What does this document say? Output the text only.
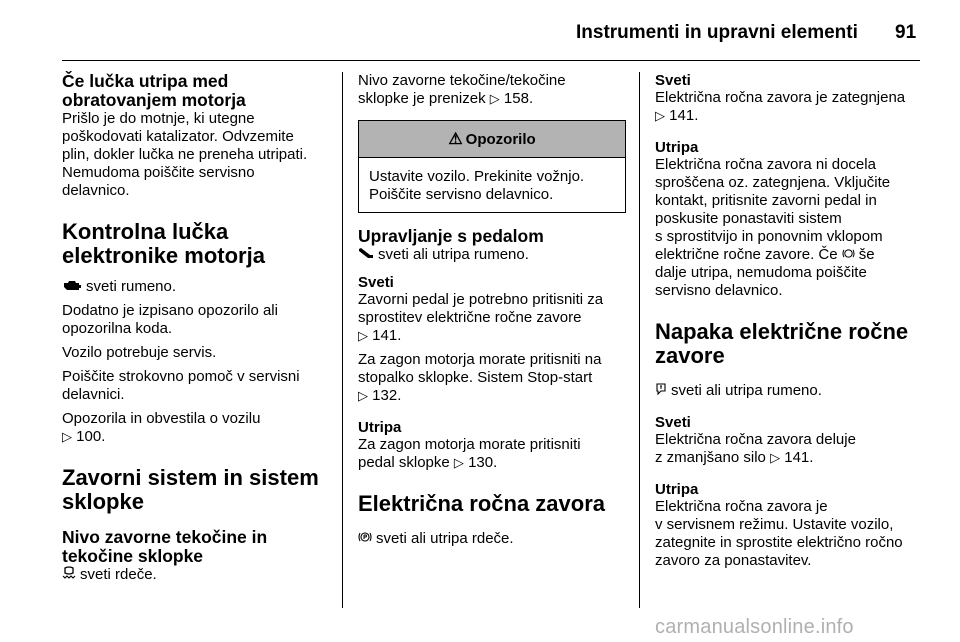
Instrumenti in upravni elementi 91
Če lučka utripa med
obratovanjem motorja
Prišlo je do motnje, ki utegne
poškodovati katalizator. Odvzemite
plin, dokler lučka ne preneha utripati.
Nemudoma poiščite servisno
delavnico.
Kontrolna lučka
elektronike motorja
sveti rumeno.
Dodatno je izpisano opozorilo ali
opozorilna koda.
Vozilo potrebuje servis.
Poiščite strokovno pomoč v servisni
delavnici.
Opozorila in obvestila o vozilu
▷ 100.
Zavorni sistem in sistem
sklopke
Nivo zavorne tekočine in
tekočine sklopke
sveti rdeče.
Nivo zavorne tekočine/tekočine
sklopke je prenizek ▷ 158.
⚠ Opozorilo
Ustavite vozilo. Prekinite vožnjo.
Poiščite servisno delavnico.
Upravljanje s pedalom
sveti ali utripa rumeno.
Sveti
Zavorni pedal je potrebno pritisniti za
sprostitev električne ročne zavore
▷ 141.
Za zagon motorja morate pritisniti na
stopalko sklopke. Sistem Stop-start
▷ 132.
Utripa
Za zagon motorja morate pritisniti
pedal sklopke ▷ 130.
Električna ročna zavora
sveti ali utripa rdeče.
Sveti
Električna ročna zavora je zategnjena
▷ 141.
Utripa
Električna ročna zavora ni docela
sproščena oz. zategnjena. Vključite
kontakt, pritisnite zavorni pedal in
poskusite ponastaviti sistem
s sprostitvijo in ponovnim vklopom
električne ročne zavore. Če še
dalje utripa, nemudoma poiščite
servisno delavnico.
Napaka električne ročne
zavore
sveti ali utripa rumeno.
Sveti
Električna ročna zavora deluje
z zmanjšano silo ▷ 141.
Utripa
Električna ročna zavora je
v servisnem režimu. Ustavite vozilo,
zategnite in sprostite električno ročno
zavoro za ponastavitev.
carmanualsonline.info
